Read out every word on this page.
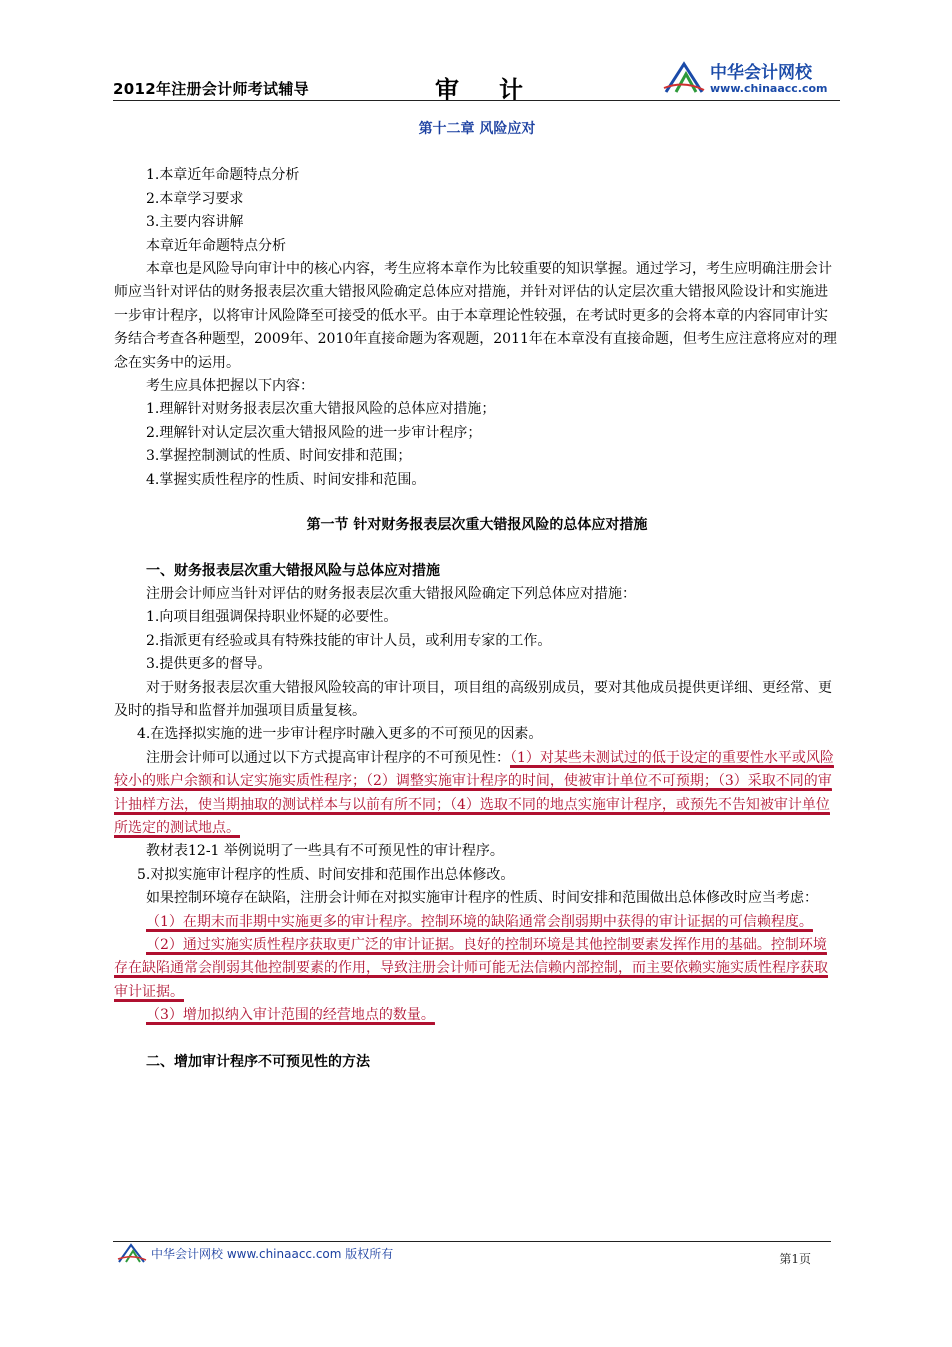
2012年注册会计师考试辅导	审计
中华会计网校
www.chinaacc.com

第十二章 风险应对

1.本章近年命题特点分析

2.本章学习要求

3.主要内容讲解

本章近年命题特点分析

本章也是风险导向审计中的核心内容，考生应将本章作为比较重要的知识掌握。通过学习，考生应明确注册会计师应当针对评估的财务报表层次重大错报风险确定总体应对措施，并针对评估的认定层次重大错报风险设计和实施进一步审计程序，以将审计风险降至可接受的低水平。由于本章理论性较强，在考试时更多的会将本章的内容同审计实务结合考查各种题型，2009年、2010年直接命题为客观题，2011年在本章没有直接命题，但考生应注意将应对的理念在实务中的运用。

考生应具体把握以下内容：

1.理解针对财务报表层次重大错报风险的总体应对措施；

2.理解针对认定层次重大错报风险的进一步审计程序；

3.掌握控制测试的性质、时间安排和范围；

4.掌握实质性程序的性质、时间安排和范围。

第一节 针对财务报表层次重大错报风险的总体应对措施

一、财务报表层次重大错报风险与总体应对措施

注册会计师应当针对评估的财务报表层次重大错报风险确定下列总体应对措施：

1.向项目组强调保持职业怀疑的必要性。

2.指派更有经验或具有特殊技能的审计人员，或利用专家的工作。

3.提供更多的督导。

对于财务报表层次重大错报风险较高的审计项目，项目组的高级别成员，要对其他成员提供更详细、更经常、更及时的指导和监督并加强项目质量复核。

4.在选择拟实施的进一步审计程序时融入更多的不可预见的因素。

注册会计师可以通过以下方式提高审计程序的不可预见性：（1）对某些未测试过的低于设定的重要性水平或风险较小的账户余额和认定实施实质性程序；（2）调整实施审计程序的时间，使被审计单位不可预期；（3）采取不同的审计抽样方法，使当期抽取的测试样本与以前有所不同；（4）选取不同的地点实施审计程序，或预先不告知被审计单位所选定的测试地点。

教材表12-1 举例说明了一些具有不可预见性的审计程序。

5.对拟实施审计程序的性质、时间安排和范围作出总体修改。

如果控制环境存在缺陷，注册会计师在对拟实施审计程序的性质、时间安排和范围做出总体修改时应当考虑：

（1）在期末而非期中实施更多的审计程序。控制环境的缺陷通常会削弱期中获得的审计证据的可信赖程度。

（2）通过实施实质性程序获取更广泛的审计证据。良好的控制环境是其他控制要素发挥作用的基础。控制环境存在缺陷通常会削弱其他控制要素的作用，导致注册会计师可能无法信赖内部控制，而主要依赖实施实质性程序获取审计证据。

（3）增加拟纳入审计范围的经营地点的数量。

二、增加审计程序不可预见性的方法

中华会计网校 www.chinaacc.com 版权所有	第1页
